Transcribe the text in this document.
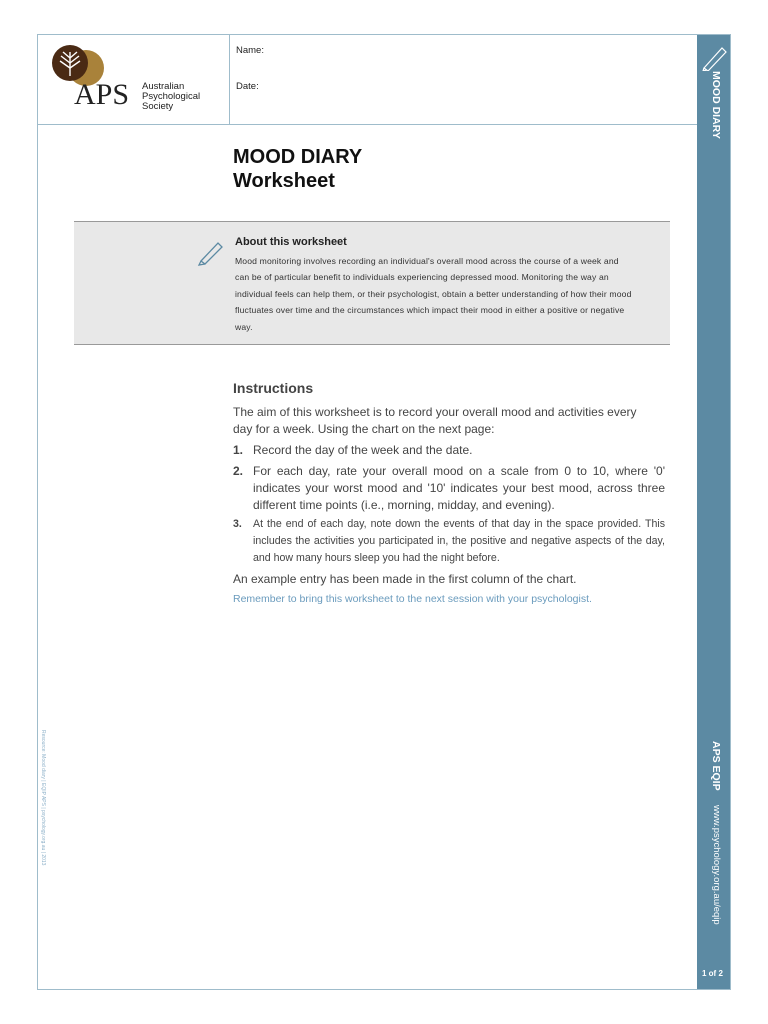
APS Australian
Psychological
Society
Name:
Date:	MOOD DIARY
APS EQIP
www.psychology.org.au/eqip
1 of 2
Resource: Mood diary | EQIP APS | psychology.org.au | 2013
MOOD DIARY
Worksheet
About this worksheet
Mood monitoring involves recording an individual's overall mood across the course of a week and can be of particular benefit to individuals experiencing depressed mood. Monitoring the way an individual feels can help them, or their psychologist, obtain a better understanding of how their mood fluctuates over time and the circumstances which impact their mood in either a positive or negative way.
Instructions
The aim of this worksheet is to record your overall mood and activities every day for a week. Using the chart on the next page:
1. Record the day of the week and the date.
2. For each day, rate your overall mood on a scale from 0 to 10, where '0' indicates your worst mood and '10' indicates your best mood, across three different time points (i.e., morning, midday, and evening).
3. At the end of each day, note down the events of that day in the space provided. This includes the activities you participated in, the positive and negative aspects of the day, and how many hours sleep you had the night before.
An example entry has been made in the first column of the chart.
Remember to bring this worksheet to the next session with your psychologist.
